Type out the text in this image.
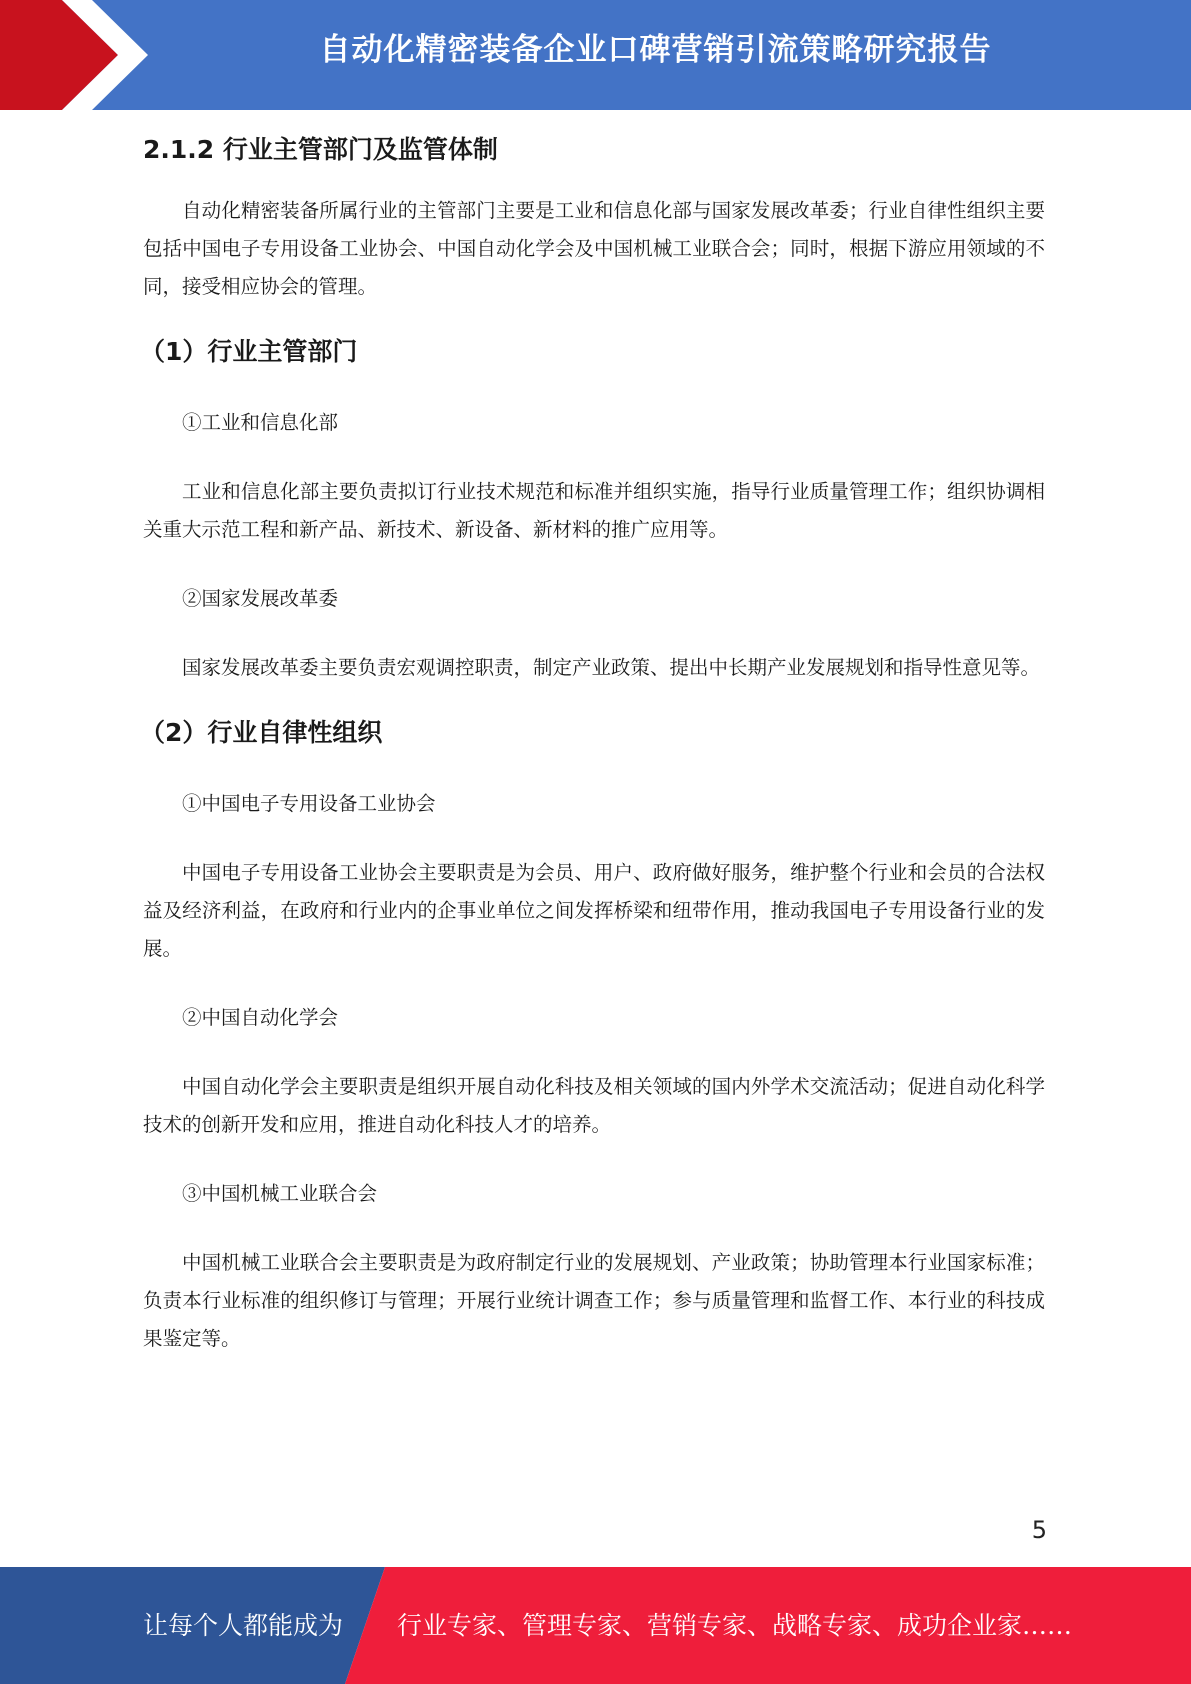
自动化精密装备企业口碑营销引流策略研究报告
2.1.2 行业主管部门及监管体制

自动化精密装备所属行业的主管部门主要是工业和信息化部与国家发展改革委；行业自律性组织主要包括中国电子专用设备工业协会、中国自动化学会及中国机械工业联合会；同时，根据下游应用领域的不同，接受相应协会的管理。

（1）行业主管部门
①工业和信息化部

工业和信息化部主要负责拟订行业技术规范和标准并组织实施，指导行业质量管理工作；组织协调相关重大示范工程和新产品、新技术、新设备、新材料的推广应用等。

②国家发展改革委

国家发展改革委主要负责宏观调控职责，制定产业政策、提出中长期产业发展规划和指导性意见等。

（2）行业自律性组织
①中国电子专用设备工业协会

中国电子专用设备工业协会主要职责是为会员、用户、政府做好服务，维护整个行业和会员的合法权益及经济利益，在政府和行业内的企事业单位之间发挥桥梁和纽带作用，推动我国电子专用设备行业的发展。

②中国自动化学会

中国自动化学会主要职责是组织开展自动化科技及相关领域的国内外学术交流活动；促进自动化科学技术的创新开发和应用，推进自动化科技人才的培养。

③中国机械工业联合会

中国机械工业联合会主要职责是为政府制定行业的发展规划、产业政策；协助管理本行业国家标准；负责本行业标准的组织修订与管理；开展行业统计调查工作；参与质量管理和监督工作、本行业的科技成果鉴定等。

5
让每个人都能成为 行业专家、管理专家、营销专家、战略专家、成功企业家……
